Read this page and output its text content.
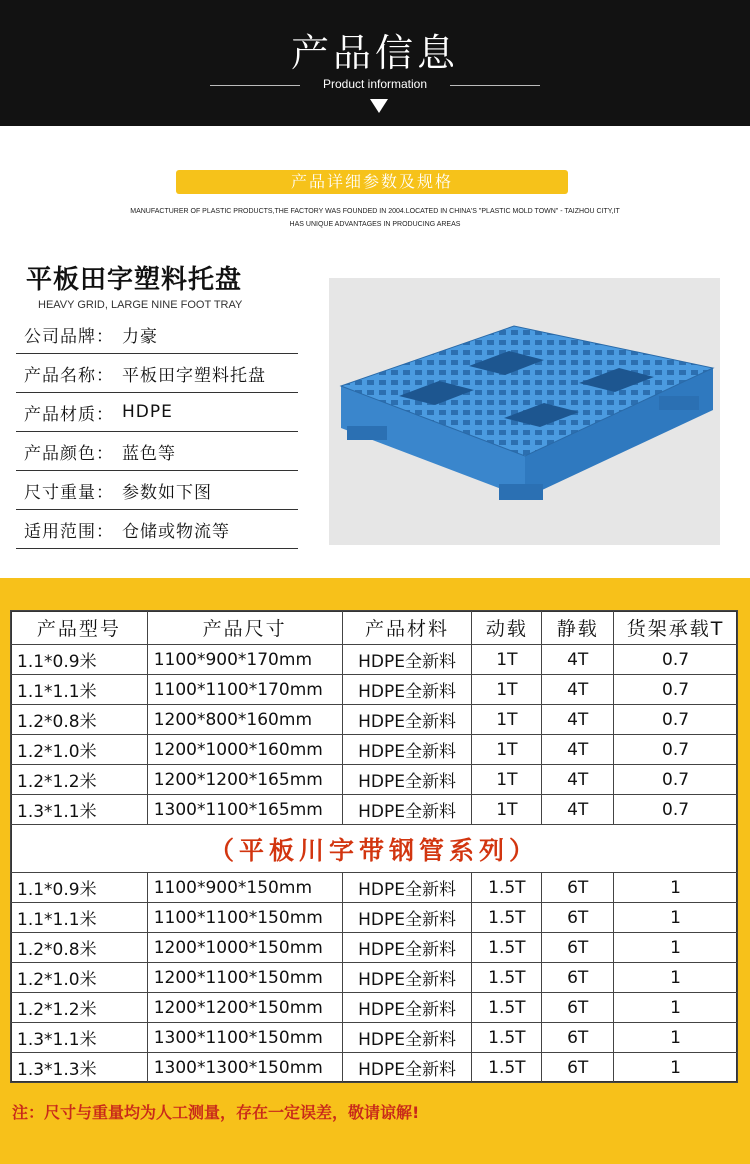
产品信息
Product information
产品详细参数及规格
MANUFACTURER OF PLASTIC PRODUCTS,THE FACTORY WAS FOUNDED IN 2004.LOCATED IN CHINA'S "PLASTIC MOLD TOWN" - TAIZHOU CITY,IT
HAS UNIQUE ADVANTAGES IN PRODUCING AREAS
平板田字塑料托盘
HEAVY GRID, LARGE NINE FOOT TRAY
公司品牌： 力豪
产品名称： 平板田字塑料托盘
产品材质： HDPE
产品颜色： 蓝色等
尺寸重量： 参数如下图
适用范围： 仓储或物流等
产品型号	产品尺寸	产品材料	动载	静载	货架承载T
1.1*0.9米	1100*900*170mm	HDPE全新料	1T	4T	0.7
1.1*1.1米	1100*1100*170mm	HDPE全新料	1T	4T	0.7
1.2*0.8米	1200*800*160mm	HDPE全新料	1T	4T	0.7
1.2*1.0米	1200*1000*160mm	HDPE全新料	1T	4T	0.7
1.2*1.2米	1200*1200*165mm	HDPE全新料	1T	4T	0.7
1.3*1.1米	1300*1100*165mm	HDPE全新料	1T	4T	0.7
（平板川字带钢管系列）					
1.1*0.9米	1100*900*150mm	HDPE全新料	1.5T	6T	1
1.1*1.1米	1100*1100*150mm	HDPE全新料	1.5T	6T	1
1.2*0.8米	1200*1000*150mm	HDPE全新料	1.5T	6T	1
1.2*1.0米	1200*1100*150mm	HDPE全新料	1.5T	6T	1
1.2*1.2米	1200*1200*150mm	HDPE全新料	1.5T	6T	1
1.3*1.1米	1300*1100*150mm	HDPE全新料	1.5T	6T	1
1.3*1.3米	1300*1300*150mm	HDPE全新料	1.5T	6T	1
注：尺寸与重量均为人工测量，存在一定误差，敬请谅解!
